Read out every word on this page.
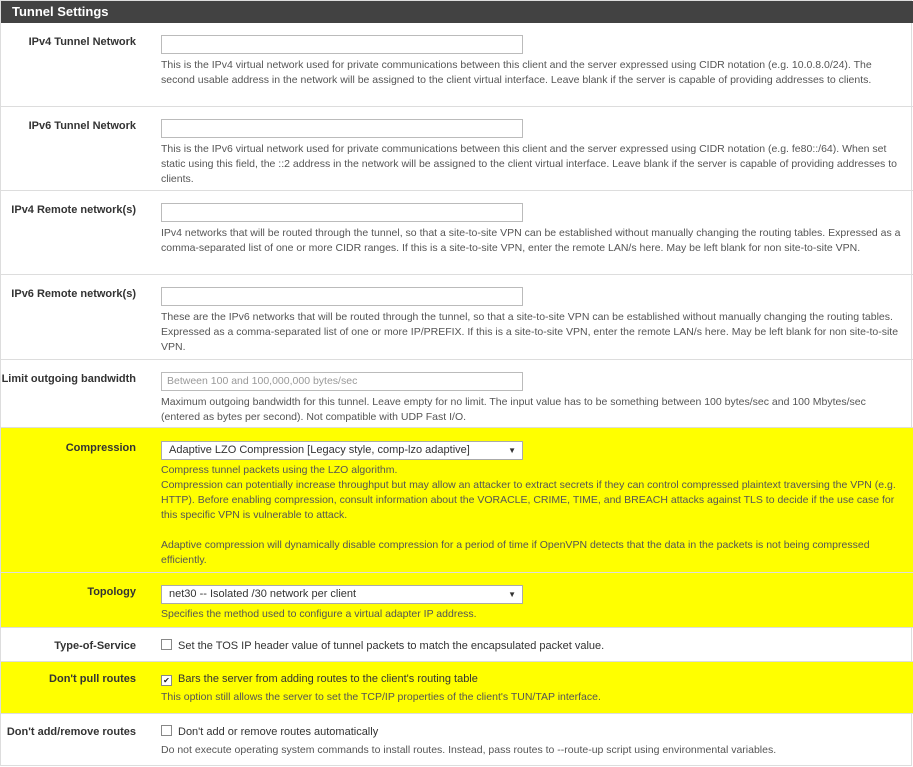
Tunnel Settings
IPv4 Tunnel Network
This is the IPv4 virtual network used for private communications between this client and the server expressed using CIDR notation (e.g. 10.0.8.0/24). The second usable address in the network will be assigned to the client virtual interface. Leave blank if the server is capable of providing addresses to clients.
IPv6 Tunnel Network
This is the IPv6 virtual network used for private communications between this client and the server expressed using CIDR notation (e.g. fe80::/64). When set static using this field, the ::2 address in the network will be assigned to the client virtual interface. Leave blank if the server is capable of providing addresses to clients.
IPv4 Remote network(s)
IPv4 networks that will be routed through the tunnel, so that a site-to-site VPN can be established without manually changing the routing tables. Expressed as a comma-separated list of one or more CIDR ranges. If this is a site-to-site VPN, enter the remote LAN/s here. May be left blank for non site-to-site VPN.
IPv6 Remote network(s)
These are the IPv6 networks that will be routed through the tunnel, so that a site-to-site VPN can be established without manually changing the routing tables. Expressed as a comma-separated list of one or more IP/PREFIX. If this is a site-to-site VPN, enter the remote LAN/s here. May be left blank for non site-to-site VPN.
Limit outgoing bandwidth	Between 100 and 100,000,000 bytes/sec
Maximum outgoing bandwidth for this tunnel. Leave empty for no limit. The input value has to be something between 100 bytes/sec and 100 Mbytes/sec (entered as bytes per second). Not compatible with UDP Fast I/O.
Compression	Adaptive LZO Compression [Legacy style, comp-lzo adaptive]	▼
Compress tunnel packets using the LZO algorithm.
Compression can potentially increase throughput but may allow an attacker to extract secrets if they can control compressed plaintext traversing the VPN (e.g. HTTP). Before enabling compression, consult information about the VORACLE, CRIME, TIME, and BREACH attacks against TLS to decide if the use case for this specific VPN is vulnerable to attack.
Adaptive compression will dynamically disable compression for a period of time if OpenVPN detects that the data in the packets is not being compressed efficiently.
Topology	net30 -- Isolated /30 network per client	▼
Specifies the method used to configure a virtual adapter IP address.
Type-of-Service	Set the TOS IP header value of tunnel packets to match the encapsulated packet value.
Don't pull routes	✔ Bars the server from adding routes to the client's routing table
This option still allows the server to set the TCP/IP properties of the client's TUN/TAP interface.
Don't add/remove routes	Don't add or remove routes automatically
Do not execute operating system commands to install routes. Instead, pass routes to --route-up script using environmental variables.
